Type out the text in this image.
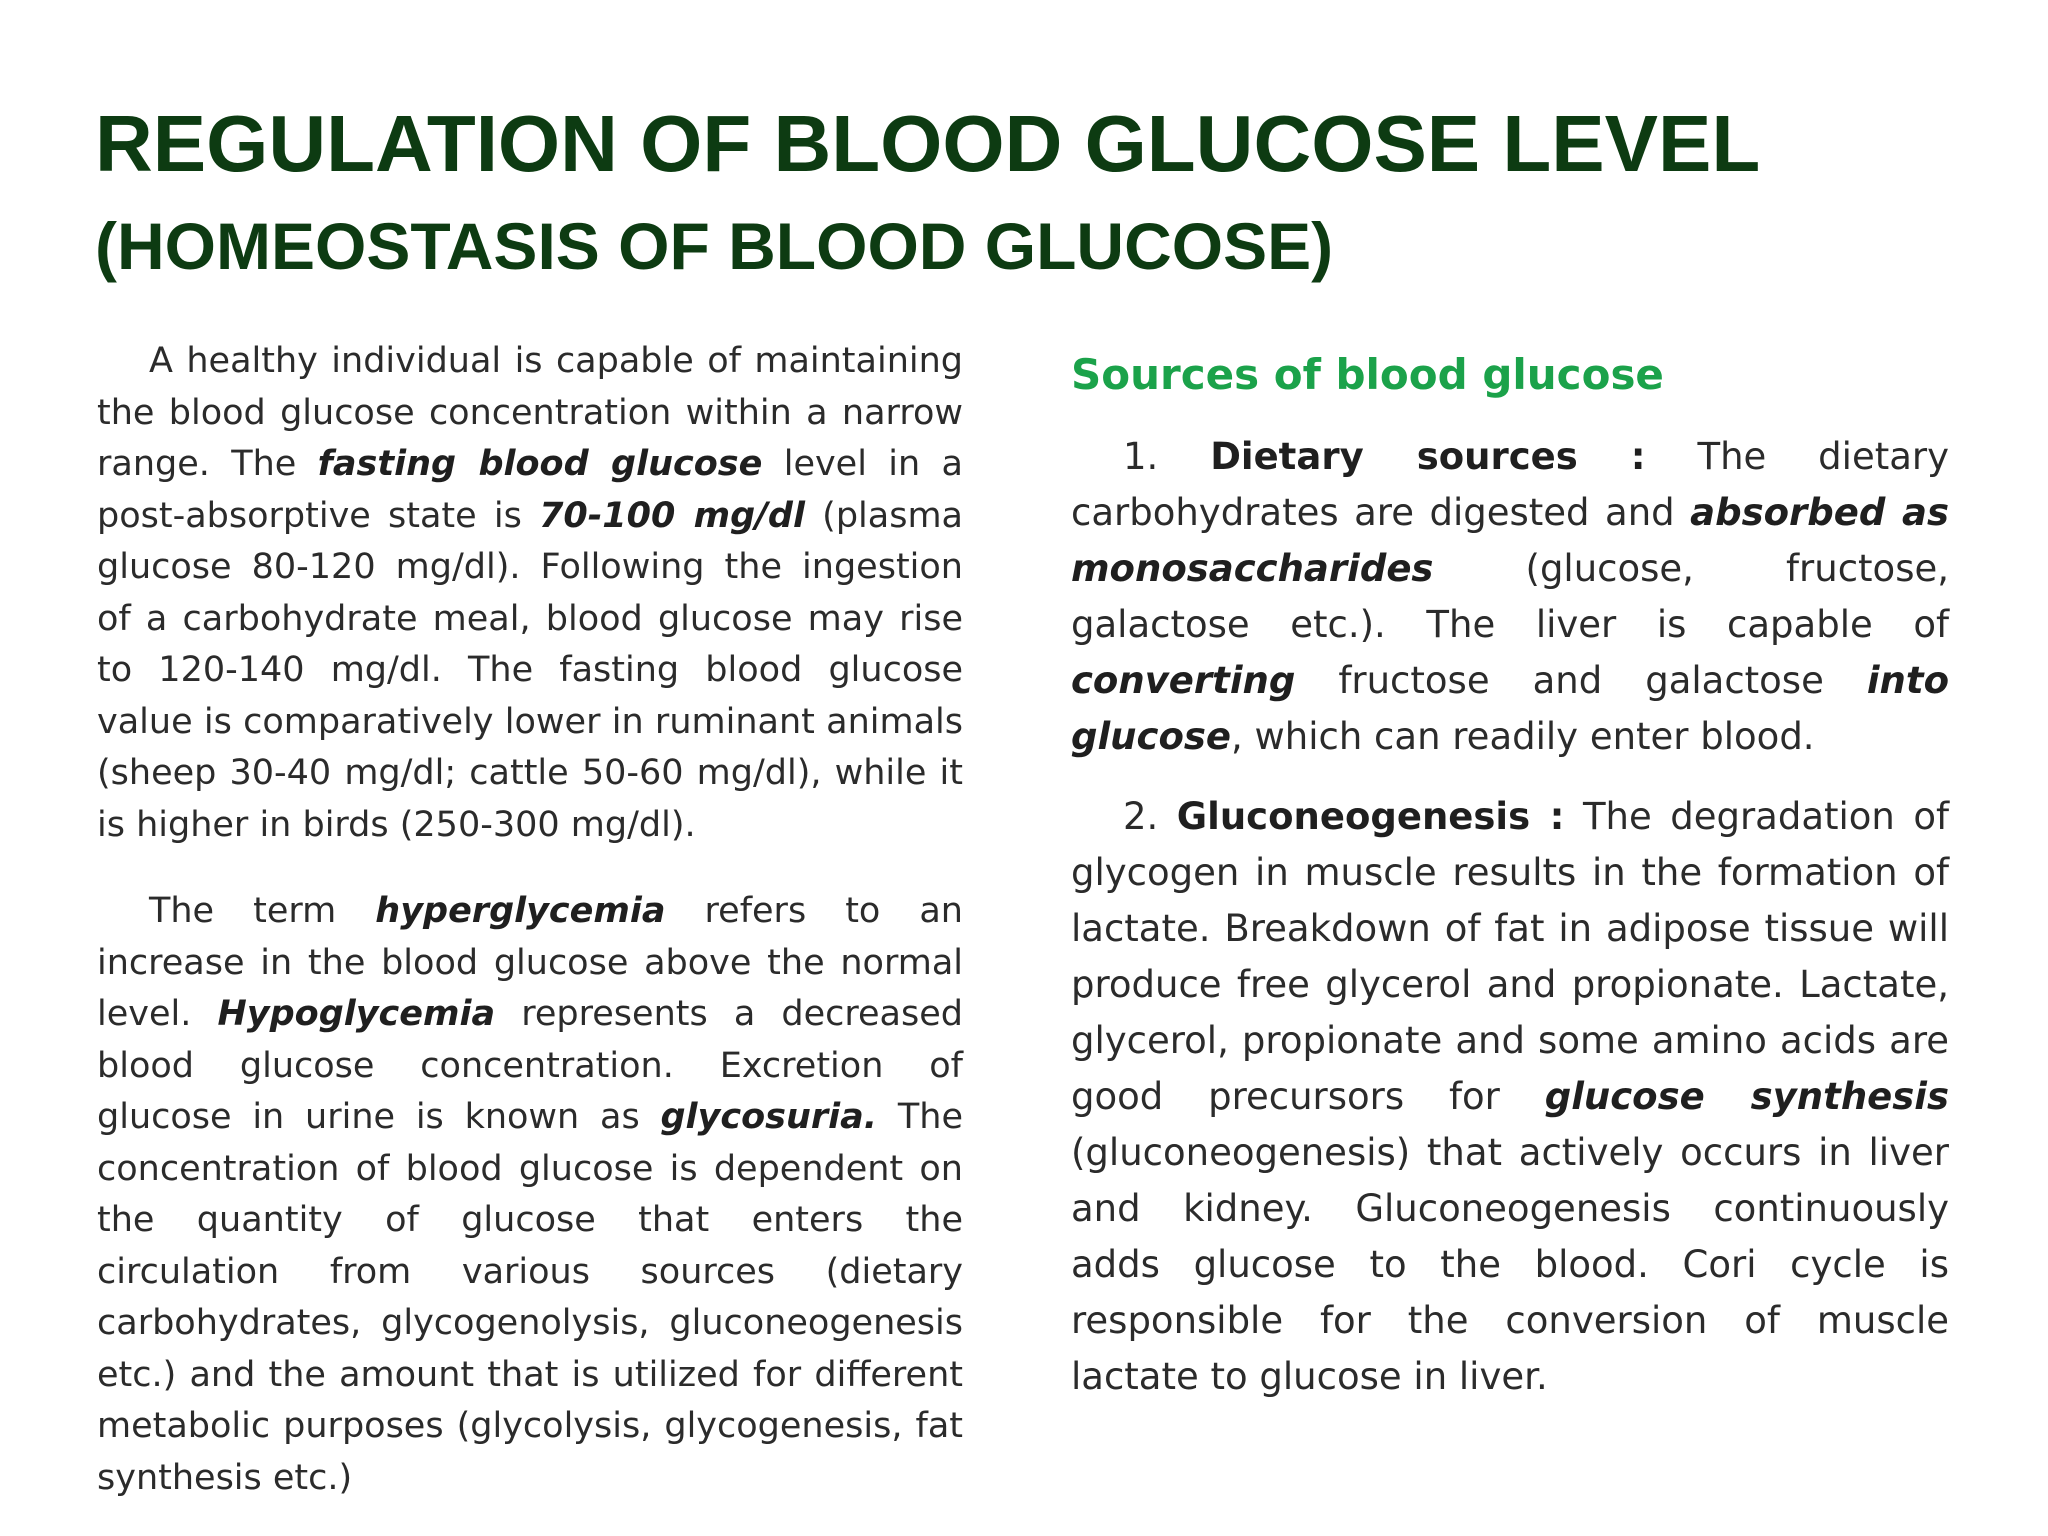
REGULATION OF BLOOD GLUCOSE LEVEL
(HOMEOSTASIS OF BLOOD GLUCOSE)

A healthy individual is capable of maintaining the blood glucose concentration within a narrow range. The fasting blood glucose level in a post-absorptive state is 70-100 mg/dl (plasma glucose 80-120 mg/dl). Following the ingestion of a carbohydrate meal, blood glucose may rise to 120-140 mg/dl. The fasting blood glucose value is comparatively lower in ruminant animals (sheep 30-40 mg/dl; cattle 50-60 mg/dl), while it is higher in birds (250-300 mg/dl).

The term hyperglycemia refers to an increase in the blood glucose above the normal level. Hypoglycemia represents a decreased blood glucose concentration. Excretion of glucose in urine is known as glycosuria. The concentration of blood glucose is dependent on the quantity of glucose that enters the circulation from various sources (dietary carbohydrates, glycogenolysis, gluconeogenesis etc.) and the amount that is utilized for different metabolic purposes (glycolysis, glycogenesis, fat synthesis etc.)

Sources of blood glucose

1. Dietary sources : The dietary carbohydrates are digested and absorbed as monosaccharides (glucose, fructose, galactose etc.). The liver is capable of converting fructose and galactose into glucose, which can readily enter blood.

2. Gluconeogenesis : The degradation of glycogen in muscle results in the formation of lactate. Breakdown of fat in adipose tissue will produce free glycerol and propionate. Lactate, glycerol, propionate and some amino acids are good precursors for glucose synthesis (gluconeogenesis) that actively occurs in liver and kidney. Gluconeogenesis continuously adds glucose to the blood. Cori cycle is responsible for the conversion of muscle lactate to glucose in liver.
